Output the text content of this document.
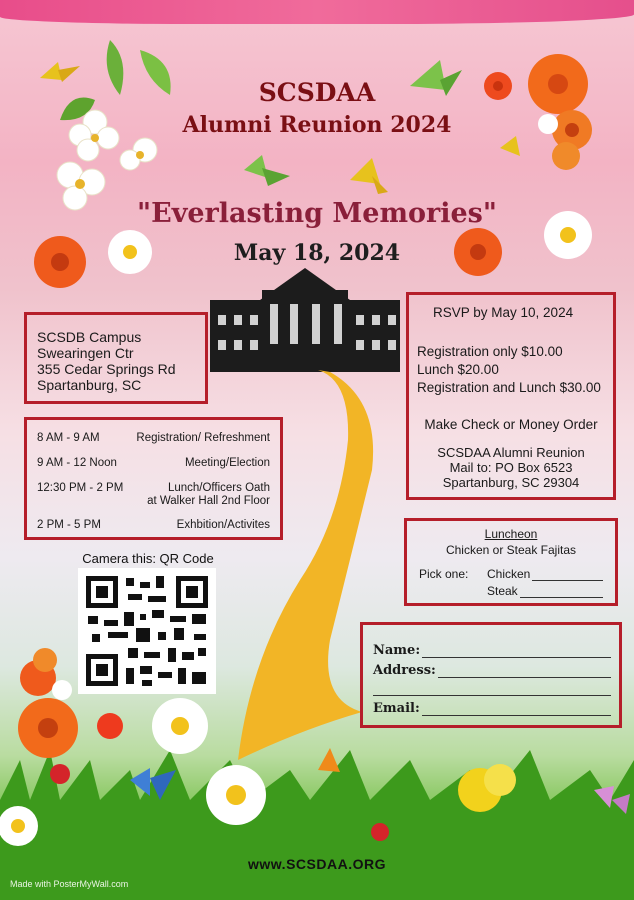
SCSDAA
Alumni Reunion 2024
"Everlasting Memories"
May 18, 2024
SCSDB Campus
Swearingen Ctr
355 Cedar Springs Rd
Spartanburg, SC
8 AM - 9 AM	Registration/ Refreshment
9 AM - 12 Noon	Meeting/Election
12:30 PM - 2 PM	Lunch/Officers Oath
at Walker Hall 2nd Floor
2 PM - 5 PM	Exhbition/Activites
RSVP by May 10, 2024
Registration only $10.00
Lunch $20.00
Registration and Lunch $30.00
Make Check or Money Order
SCSDAA Alumni Reunion
Mail to: PO Box 6523
Spartanburg, SC 29304
Luncheon
Chicken or Steak Fajitas
Pick one: Chicken
Steak
Name:
Address:
Email:
Camera this: QR Code
www.SCSDAA.ORG
Made with PosterMyWall.com
